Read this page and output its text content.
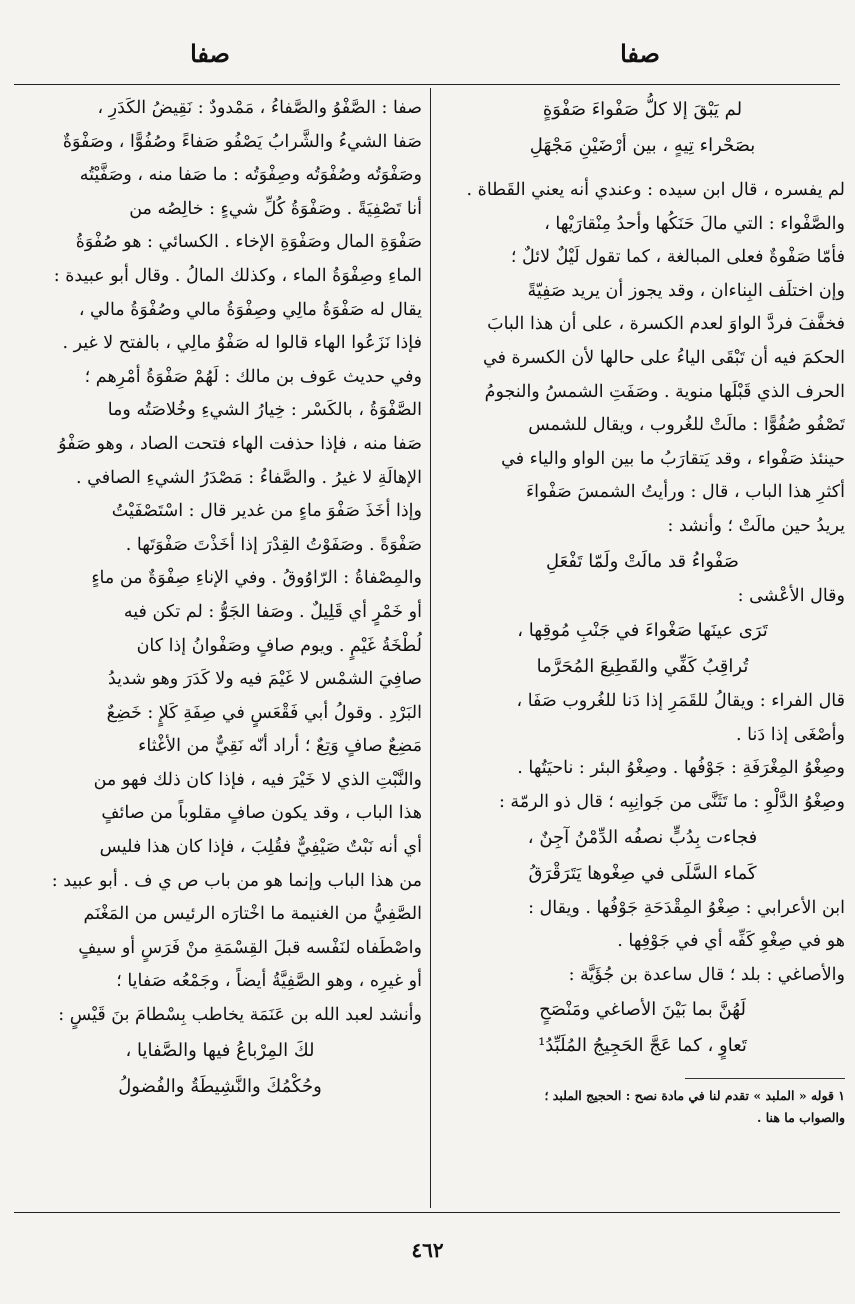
صفا
صفا

لم يَبْقَ إلا كلُّ صَفْواءَ صَفْوَةٍ

بصَحْراء تِيهٍ ، بين أرْضَيْنِ مَجْهَلِ

لم يفسره ، قال ابن سيده : وعندي أنه يعني القَطاة .

والصَّفْواء : التي مالَ حَنَكُها وأحدُ مِنْقارَيْها ،

فأمّا صَفْوةٌ فعلى المبالغة ، كما تقول لَيْلٌ لائلٌ ؛

وإن اختلَف البِناءان ، وقد يجوز أن يريد صَفِيّةً

فخفَّفَ فردَّ الواوَ لعدم الكسرة ، على أن هذا البابَ

الحكمَ فيه أن تَبْقَى الياءُ على حالها لأن الكسرة في

الحرف الذي قَبْلَها منوية . وصَفَتِ الشمسُ والنجومُ

تَصْفُو صُفُوًّا : مالَتْ للغُروب ، ويقال للشمس

حينئذ صَفْواء ، وقد يَتقارَبُ ما بين الواو والياء في

أكثرِ هذا الباب ، قال : ورأيتُ الشمسَ صَفْواءَ

يريدُ حين مالَتْ ؛ وأنشد :

صَفْواءُ قد مالَتْ ولَمّا تَفْعَلِ

وقال الأعْشى :

تَرَى عينَها صَغْواءَ في جَنْبِ مُوقِها ،

تُراقِبُ كَفِّي والقَطِيعَ المُحَرَّما

قال الفراء : ويقالُ للقَمَرِ إذا دَنا للغُروب صَفَا ،

وأصْغَى إذا دَنا .

وصِغْوُ المِغْرَفَةِ : جَوْفُها . وصِغْوُ البئر : ناحيَتُها .

وصِغْوُ الدَّلْوِ : ما تَثَنَّى من جَوانِبِه ؛ قال ذو الرمّة :

فجاءت بِدُبٍّ نصفُه الدِّمْنُ آجِنٌ ،

كَماء السَّلَى في صِغْوها يَتَرَقْرَقُ

ابن الأعرابي : صِغْوُ المِقْدَحَةِ جَوْفُها . ويقال :

هو في صِغْوِ كَفِّه أي في جَوْفِها .

والأصاغي : بلد ؛ قال ساعدة بن جُؤَيَّة :

لَهُنَّ بما بَيْنَ الأصاغي ومَنْصَحٍ

تَعاوٍ ، كما عَجَّ الحَجِيجُ المُلَبِّدُ¹

١ قوله « الملبد » تقدم لنا في مادة نصح : الحجيج الملبد ؛

والصواب ما هنا .

صفا : الصَّفْوُ والصَّفاءُ ، مَمْدودٌ : نَقِيضُ الكَدَرِ ،

صَفا الشيءُ والشَّرابُ يَصْفُو صَفاءً وصُفُوًّا ، وصَفْوَةٌ

وصَفْوَتُه وصُفْوَتُه وصِفْوَتُه : ما صَفا منه ، وصَفَّيْتُه

أنا تَصْفِيَةً . وصَفْوَةُ كُلِّ شيءٍ : خالِصُه من

صَفْوَةِ المال وصَفْوَةِ الإخاء . الكسائي : هو صُفْوَةُ

الماءِ وصِفْوَةُ الماء ، وكذلك المالُ . وقال أبو عبيدة :

يقال له صَفْوَةُ مالِي وصِفْوَةُ مالي وصُفْوَةُ مالي ،

فإذا نَزَعُوا الهاء قالوا له صَفْوُ مالِي ، بالفتح لا غير .

وفي حديث عَوف بن مالك : لَهُمْ صَفْوَةُ أمْرِهم ؛

الصَّفْوَةُ ، بالكَسْر : خِيارُ الشيءِ وخُلاصَتُه وما

صَفا منه ، فإذا حذفت الهاء فتحت الصاد ، وهو صَفْوُ

الإهالَةِ لا غيرُ . والصَّفاءُ : مَصْدَرُ الشيءِ الصافي .

وإذا أخَذَ صَفْوَ ماءٍ من غدير قال : اسْتَصْفَيْتُ

صَفْوَةً . وصَفَوْتُ القِدْرَ إذا أخَذْتَ صَفْوَتَها .

والمِصْفاةُ : الرّاوُوقُ . وفي الإناءِ صِفْوَةٌ من ماءٍ

أو خَمْرٍ أي قَلِيلٌ . وصَفا الجَوُّ : لم تكن فيه

لُطْخَةُ غَيْمٍ . ويوم صافٍ وصَفْوانُ إذا كان

صافِيَ الشمْس لا غَيْمَ فيه ولا كَدَرَ وهو شديدُ

البَرْدِ . وقولُ أبي فَقْعَسٍ في صِفَةِ كَلإٍ : خَضِعٌ

مَضِعٌ صافٍ وَتِعٌ ؛ أراد أنّه نَقِيٌّ من الأغْثاء

والنَّبْتِ الذي لا خَيْرَ فيه ، فإذا كان ذلك فهو من

هذا الباب ، وقد يكون صافٍ مقلوباً من صائفٍ

أي أنه نَبْتٌ صَيْفِيٌّ فقُلِبَ ، فإذا كان هذا فليس

من هذا الباب وإنما هو من باب ص ي ف . أبو عبيد :

الصَّفِيُّ من الغنيمة ما اخْتارَه الرئيس من المَغْنَم

واصْطَفاه لنَفْسه قبلَ القِسْمَةِ منْ فَرَسٍ أو سيفٍ

أو غيرِه ، وهو الصَّفِيَّةُ أيضاً ، وجَمْعُه صَفايا ؛

وأنشد لعبد الله بن عَنَمَة يخاطب بِسْطامَ بنَ قَيْسٍ :

لكَ المِرْباعُ فيها والصَّفايا ،

وحُكْمُكَ والنَّشِيطَةُ والفُضولُ

٤٦٢
